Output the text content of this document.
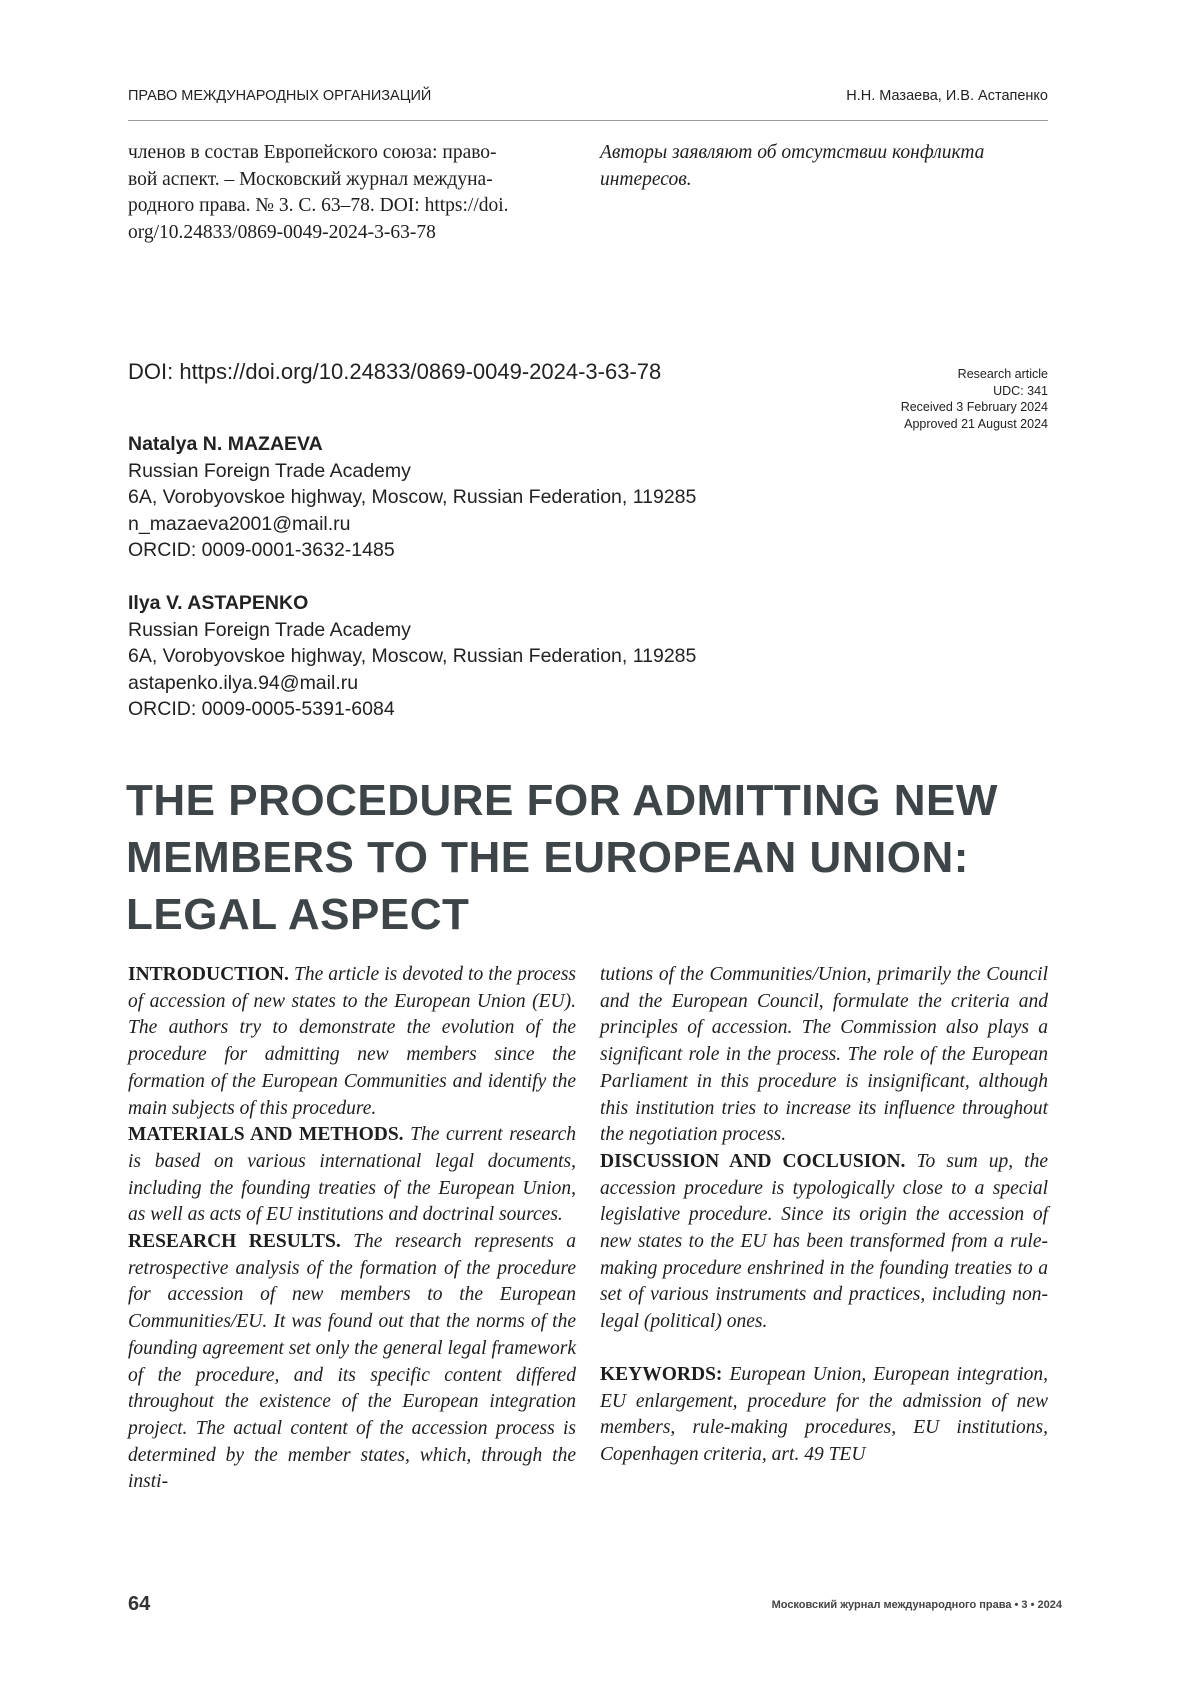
ПРАВО МЕЖДУНАРОДНЫХ ОРГАНИЗАЦИЙ	Н.Н. Мазаева, И.В. Астапенко
членов в состав Европейского союза: право-
вой аспект. – Московский журнал междуна-
родного права. № 3. С. 63–78. DOI: https://doi.
org/10.24833/0869-0049-2024-3-63-78
Авторы заявляют об отсутствии конфликта
интересов.
DOI: https://doi.org/10.24833/0869-0049-2024-3-63-78	Research article
UDC: 341
Received 3 February 2024
Approved 21 August 2024
Natalya N. MAZAEVA
Russian Foreign Trade Academy
6A, Vorobyovskoe highway, Moscow, Russian Federation, 119285
n_mazaeva2001@mail.ru
ORCID: 0009-0001-3632-1485
Ilya V. ASTAPENKO
Russian Foreign Trade Academy
6A, Vorobyovskoe highway, Moscow, Russian Federation, 119285
astapenko.ilya.94@mail.ru
ORCID: 0009-0005-5391-6084
THE PROCEDURE FOR ADMITTING NEW
MEMBERS TO THE EUROPEAN UNION:
LEGAL ASPECT

INTRODUCTION. The article is devoted to the process of accession of new states to the European Union (EU). The authors try to demonstrate the evolution of the procedure for admitting new members since the formation of the European Communities and identify the main subjects of this procedure.

MATERIALS AND METHODS. The current research is based on various international legal documents, including the founding treaties of the European Union, as well as acts of EU institutions and doctrinal sources.

RESEARCH RESULTS. The research represents a retrospective analysis of the formation of the procedure for accession of new members to the European Communities/EU. It was found out that the norms of the founding agreement set only the general legal framework of the procedure, and its specific content differed throughout the existence of the European integration project. The actual content of the accession process is determined by the member states, which, through the insti-

tutions of the Communities/Union, primarily the Council and the European Council, formulate the criteria and principles of accession. The Commission also plays a significant role in the process. The role of the European Parliament in this procedure is insignificant, although this institution tries to increase its influence throughout the negotiation process.

DISCUSSION AND COCLUSION. To sum up, the accession procedure is typologically close to a special legislative procedure. Since its origin the accession of new states to the EU has been transformed from a rule-making procedure enshrined in the founding treaties to a set of various instruments and practices, including non-legal (political) ones.

KEYWORDS: European Union, European integration, EU enlargement, procedure for the admission of new members, rule-making procedures, EU institutions, Copenhagen criteria, art. 49 TEU

64	Московский журнал международного права • 3 • 2024
